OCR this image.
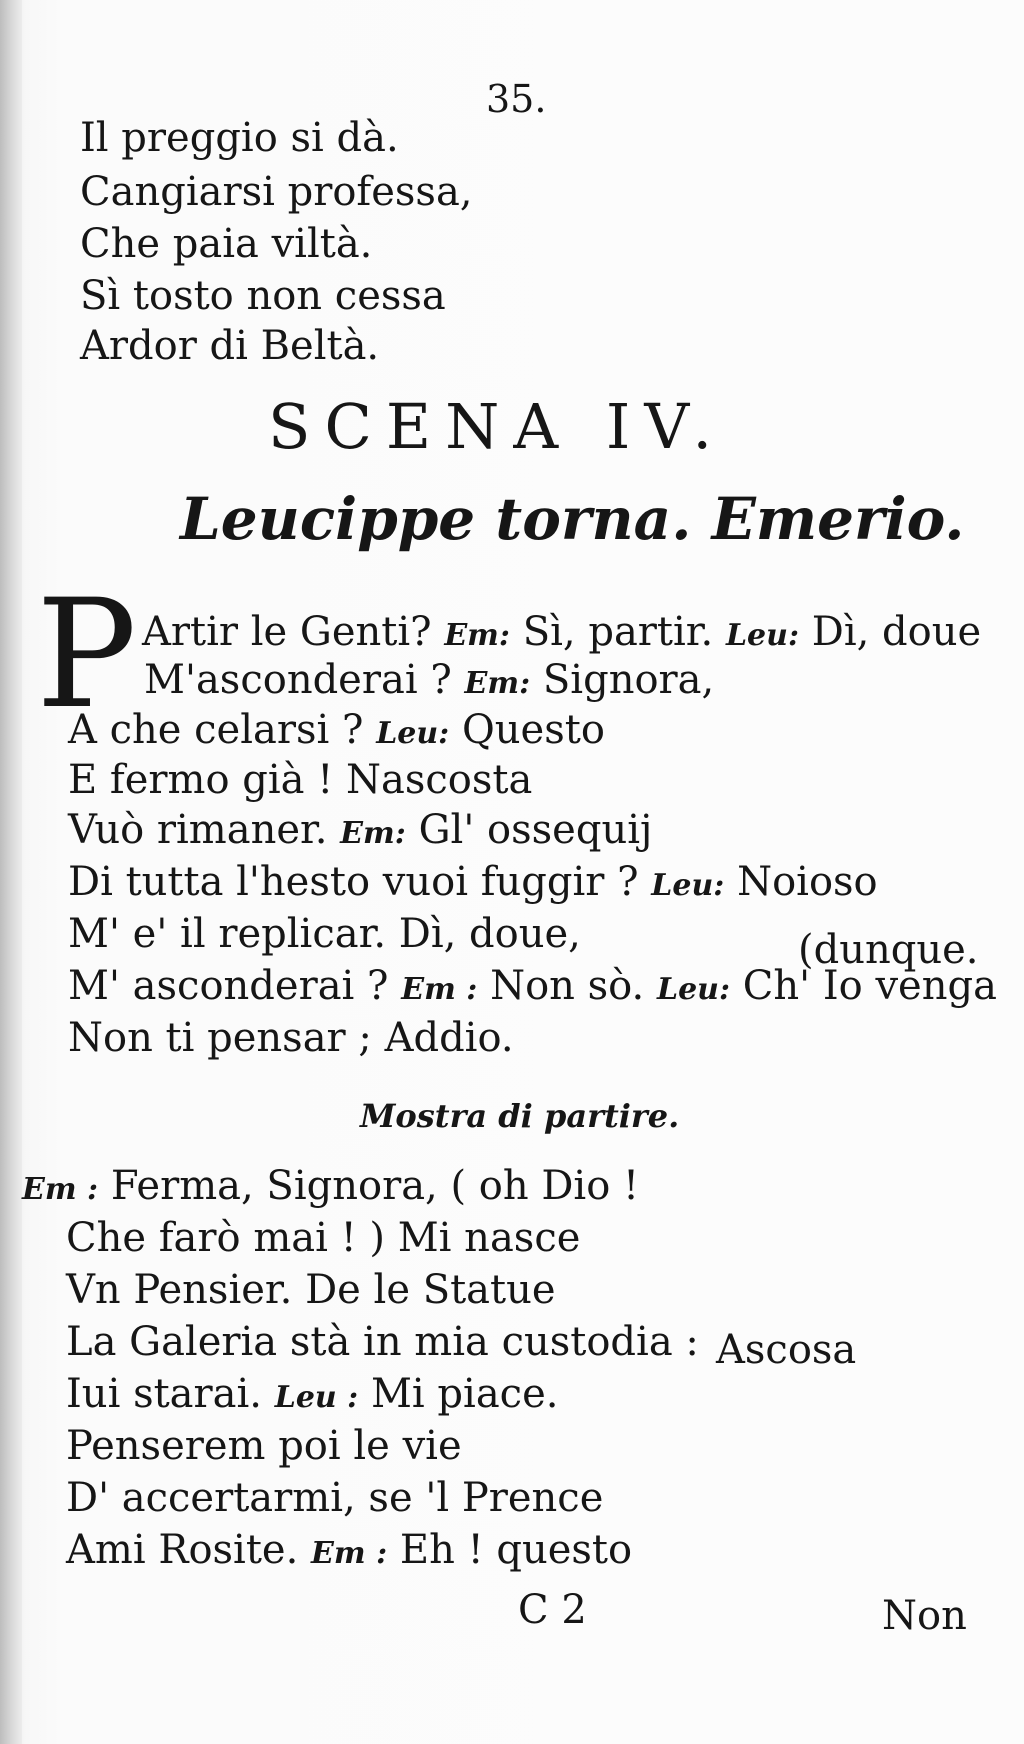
35.
Il preggio si dà.
Cangiarsi professa,
Che paia viltà.
Sì tosto non cessa
Ardor di Beltà.
SCENA IV.
Leucippe torna. Emerio.
P Artir le Genti? Em: Sì, partir. Leu: Dì, doue
M'asconderai ? Em: Signora,
A che celarsi ? Leu: Questo
E fermo già ! Nascosta
Vuò rimaner. Em: Gl' ossequij
Di tutta l'hesto vuoi fuggir ? Leu: Noioso
M' e' il replicar. Dì, doue,	(dunque.
M' asconderai ? Em : Non sò. Leu: Ch' Io venga
Non ti pensar ; Addio.
Mostra di partire.
Em : Ferma, Signora, ( oh Dio !
Che farò mai ! ) Mi nasce
Vn Pensier. De le Statue
La Galeria stà in mia custodia : Ascosa
Iui starai. Leu : Mi piace.
Penserem poi le vie
D' accertarmi, se 'l Prence
Ami Rosite. Em : Eh ! questo
C 2	Non
